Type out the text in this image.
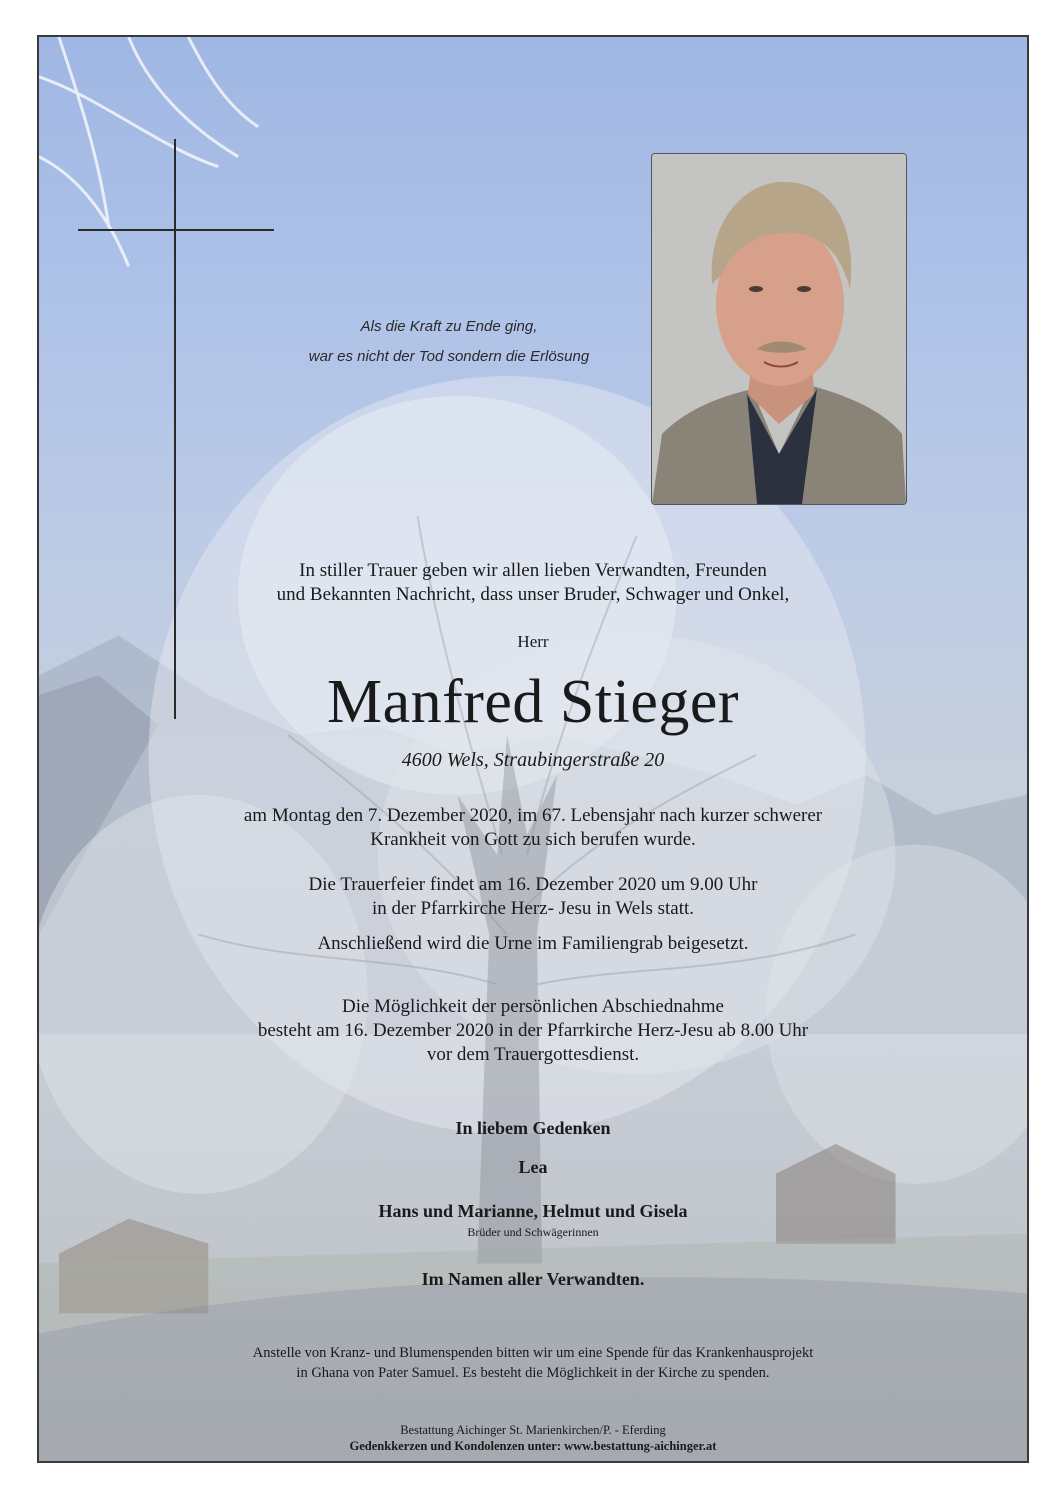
Als die Kraft zu Ende ging,
war es nicht der Tod sondern die Erlösung
In stiller Trauer geben wir allen lieben Verwandten, Freunden
und Bekannten Nachricht, dass unser Bruder, Schwager und Onkel,
Herr
Manfred Stieger
4600 Wels, Straubingerstraße 20
am Montag den 7. Dezember 2020, im 67. Lebensjahr nach kurzer schwerer
Krankheit von Gott zu sich berufen wurde.
Die Trauerfeier findet am 16. Dezember 2020 um 9.00 Uhr
in der Pfarrkirche Herz- Jesu in Wels statt.
Anschließend wird die Urne im Familiengrab beigesetzt.
Die Möglichkeit der persönlichen Abschiednahme
besteht am 16. Dezember 2020 in der Pfarrkirche Herz-Jesu ab 8.00 Uhr
vor dem Trauergottesdienst.
In liebem Gedenken
Lea
Hans und Marianne, Helmut und Gisela
Brüder und Schwägerinnen
Im Namen aller Verwandten.
Anstelle von Kranz- und Blumenspenden bitten wir um eine Spende für das Krankenhausprojekt
in Ghana von Pater Samuel. Es besteht die Möglichkeit in der Kirche zu spenden.
Bestattung Aichinger St. Marienkirchen/P. - Eferding
Gedenkkerzen und Kondolenzen unter: www.bestattung-aichinger.at
